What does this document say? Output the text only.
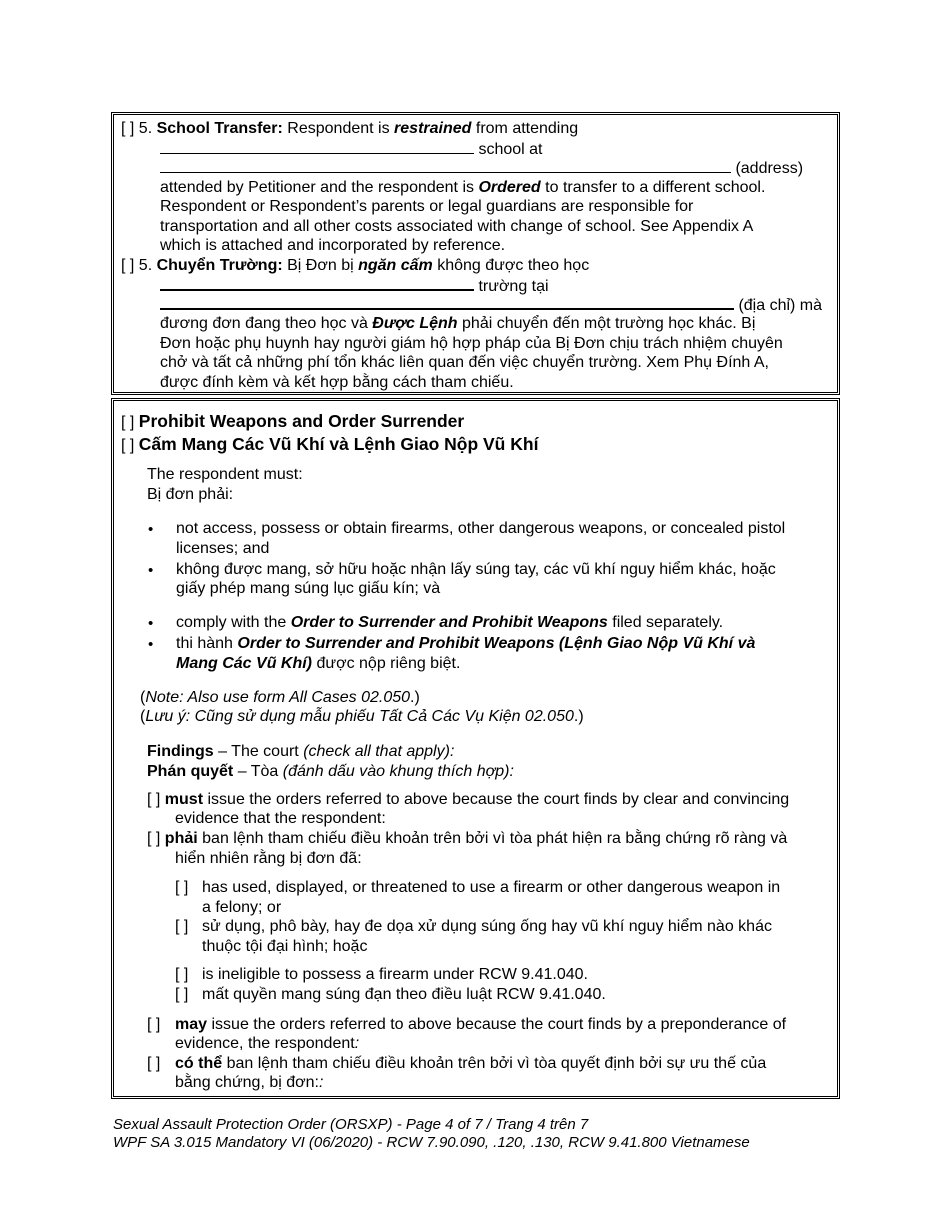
[ ] 5. School Transfer: Respondent is restrained from attending
school at
(address)
attended by Petitioner and the respondent is Ordered to transfer to a different school.
Respondent or Respondent’s parents or legal guardians are responsible for
transportation and all other costs associated with change of school. See Appendix A
which is attached and incorporated by reference.
[ ] 5. Chuyển Trường: Bị Đơn bị ngăn cấm không được theo học
trường tại
(địa chỉ) mà
đương đơn đang theo học và Được Lệnh phải chuyển đến một trường học khác. Bị
Đơn hoặc phụ huynh hay người giám hộ hợp pháp của Bị Đơn chịu trách nhiệm chuyên
chở và tất cả những phí tổn khác liên quan đến việc chuyển trường. Xem Phụ Đính A,
được đính kèm và kết hợp bằng cách tham chiếu.
[ ] Prohibit Weapons and Order Surrender
[ ] Cấm Mang Các Vũ Khí và Lệnh Giao Nộp Vũ Khí
The respondent must:
Bị đơn phải:
• not access, possess or obtain firearms, other dangerous weapons, or concealed pistol
licenses; and
• không được mang, sở hữu hoặc nhận lấy súng tay, các vũ khí nguy hiểm khác, hoặc
giấy phép mang súng lục giấu kín; và
• comply with the Order to Surrender and Prohibit Weapons filed separately.
• thi hành Order to Surrender and Prohibit Weapons (Lệnh Giao Nộp Vũ Khí và
Mang Các Vũ Khí) được nộp riêng biệt.
(Note: Also use form All Cases 02.050.)
(Lưu ý: Cũng sử dụng mẫu phiếu Tất Cả Các Vụ Kiện 02.050.)
Findings – The court (check all that apply):
Phán quyết – Tòa (đánh dấu vào khung thích hợp):
[ ] must issue the orders referred to above because the court finds by clear and convincing
evidence that the respondent:
[ ] phải ban lệnh tham chiếu điều khoản trên bởi vì tòa phát hiện ra bằng chứng rõ ràng và
hiển nhiên rằng bị đơn đã:
[ ] has used, displayed, or threatened to use a firearm or other dangerous weapon in
a felony; or
[ ] sử dụng, phô bày, hay đe dọa xử dụng súng ống hay vũ khí nguy hiểm nào khác
thuộc tội đại hình; hoặc
[ ] is ineligible to possess a firearm under RCW 9.41.040.
[ ] mất quyền mang súng đạn theo điều luật RCW 9.41.040.
[ ] may issue the orders referred to above because the court finds by a preponderance of
evidence, the respondent:
[ ] có thể ban lệnh tham chiếu điều khoản trên bởi vì tòa quyết định bởi sự ưu thế của
bằng chứng, bị đơn::
Sexual Assault Protection Order (ORSXP) - Page 4 of 7 / Trang 4 trên 7
WPF SA 3.015 Mandatory VI (06/2020) - RCW 7.90.090, .120, .130, RCW 9.41.800 Vietnamese
